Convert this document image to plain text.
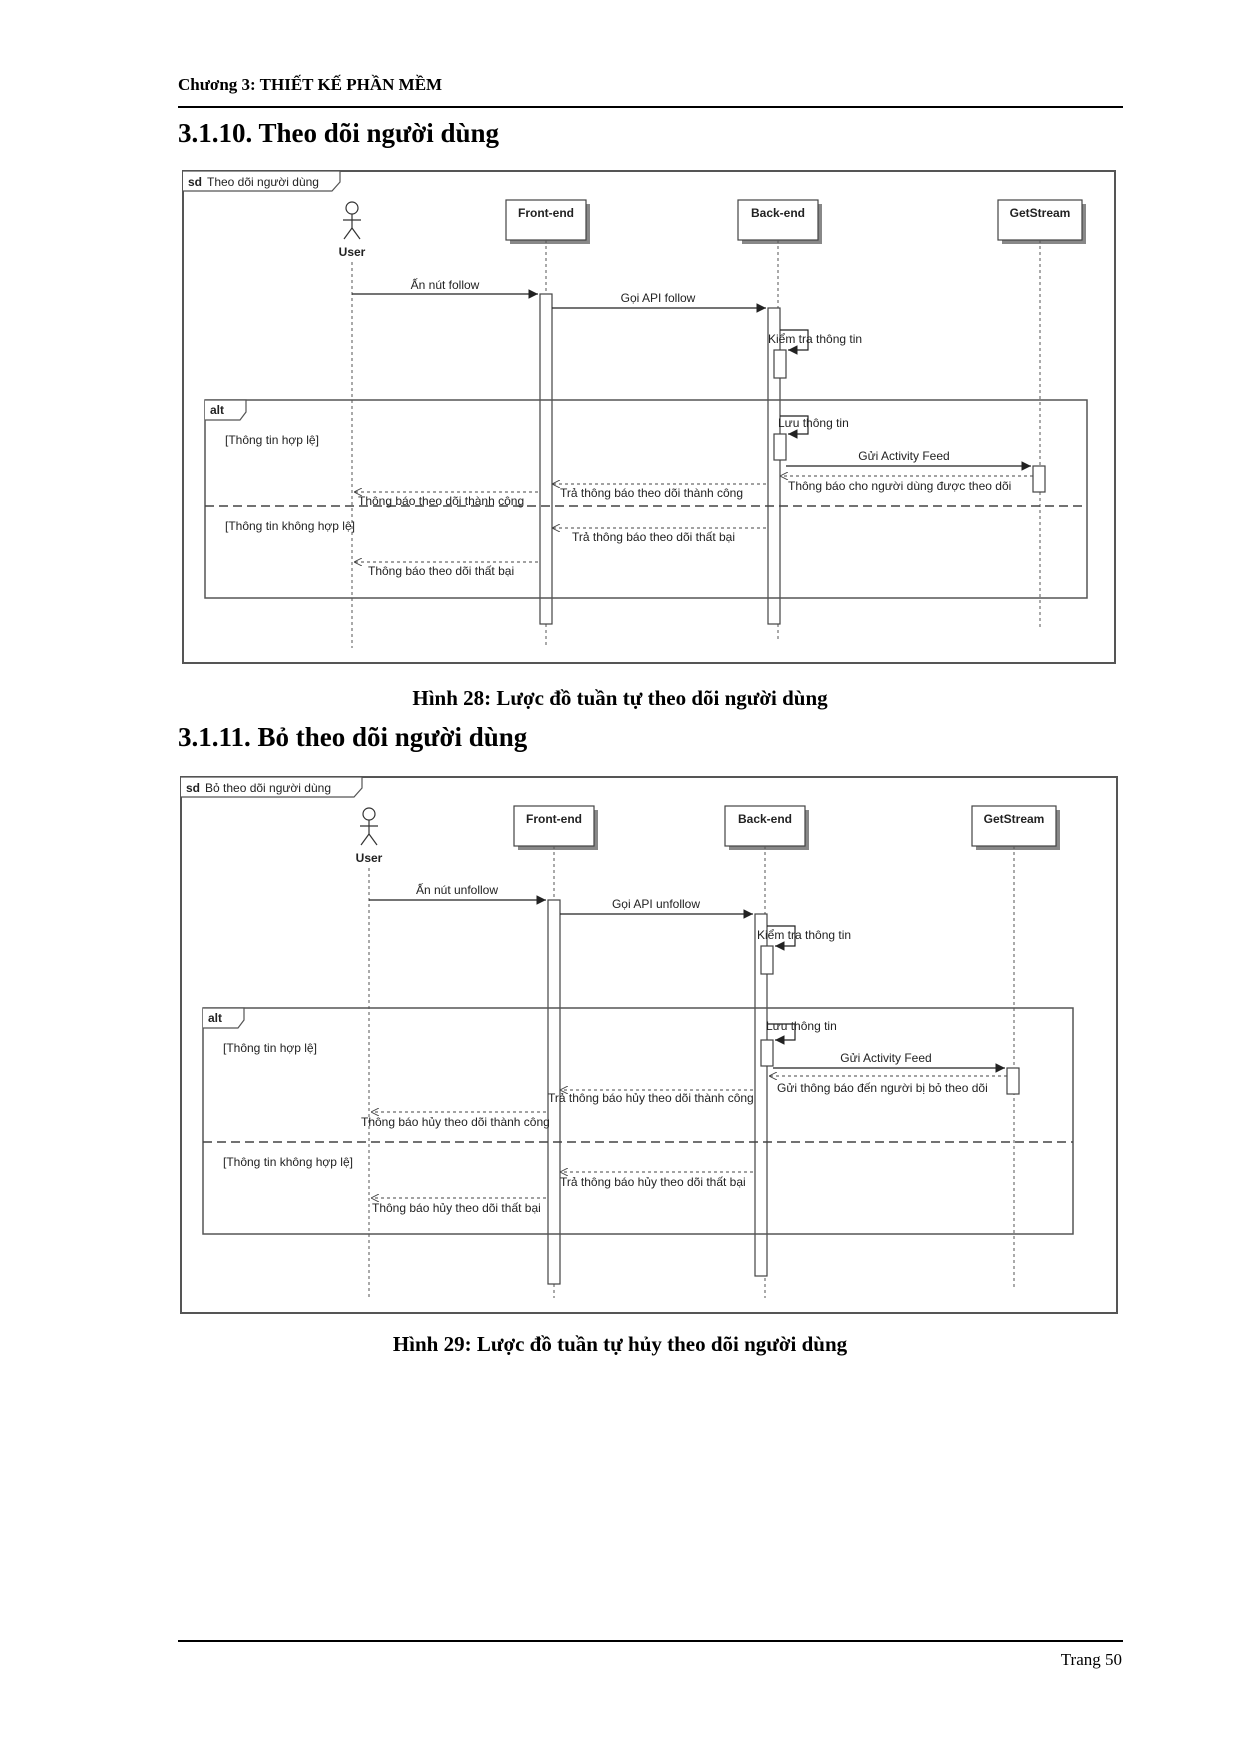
Chương 3: THIẾT KẾ PHẦN MỀM
3.1.10. Theo dõi người dùng
sd Theo dõi người dùng
User
Front-end	Back-end	GetStream
alt
[Thông tin hợp lệ]
[Thông tin không hợp lệ]
Ấn nút follow
Gọi API follow
Kiểm tra thông tin
Lưu thông tin
Gửi Activity Feed
Thông báo cho người dùng được theo dõi
Trả thông báo theo dõi thành công
Thông báo theo dõi thành công
Trả thông báo theo dõi thất bại
Thông báo theo dõi thất bại
Hình 28: Lược đồ tuần tự theo dõi người dùng
3.1.11. Bỏ theo dõi người dùng
sd Bỏ theo dõi người dùng
User
Front-end	Back-end	GetStream
alt
[Thông tin hợp lệ]
[Thông tin không hợp lệ]
Ấn nút unfollow
Gọi API unfollow
Kiểm tra thông tin
Lưu thông tin
Gửi Activity Feed
Gửi thông báo đến người bị bỏ theo dõi
Trả thông báo hủy theo dõi thành công
Thông báo hủy theo dõi thành công
Trả thông báo hủy theo dõi thất bại
Thông báo hủy theo dõi thất bại
Hình 29: Lược đồ tuần tự hủy theo dõi người dùng
Trang 50
